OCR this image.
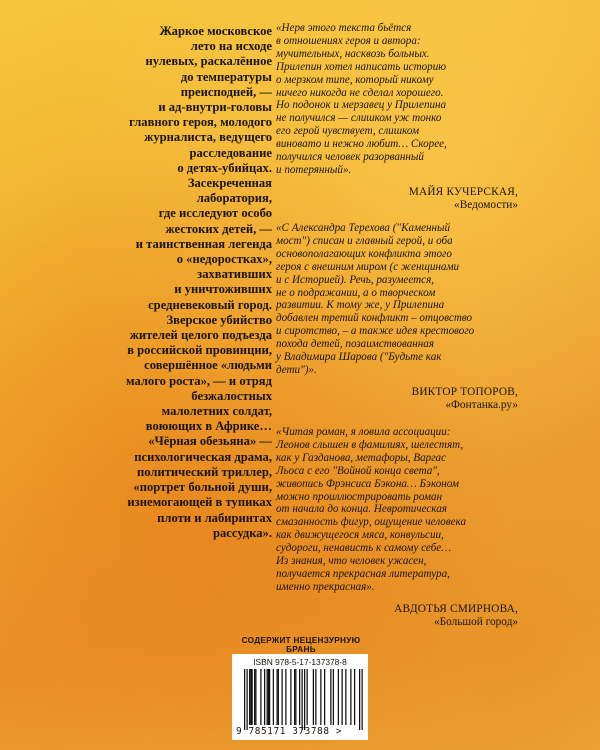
Жаркое московское

лето на исходе

нулевых, раскалённое

до температуры

преисподней, —

и ад-внутри-головы

главного героя, молодого

журналиста, ведущего

расследование

о детях-убийцах.

Засекреченная лаборатория,

где исследуют особо

жестоких детей, —

и таинственная легенда

о «недоростках»,

захвативших

и уничтоживших

средневековый город.

Зверское убийство

жителей целого подъезда

в российской провинции,

совершённое «людьми

малого роста», — и отряд

безжалостных

малолетних солдат,

воюющих в Африке…

«Чёрная обезьяна» —

психологическая драма,

политический триллер,

«портрет больной души,

изнемогающей в тупиках

плоти и лабиринтах

рассудка».

«Нерв этого текста бьётся
в отношениях героя и автора:
мучительных, насквозь больных.
Прилепин хотел написать историю
о мерзком типе, который никому
ничего никогда не сделал хорошего.
Но подонок и мерзавец у Прилепина
не получился — слишком уж тонко
его герой чувствует, слишком
виновато и нежно любит… Скорее,
получился человек разорванный
и потерянный».

МАЙЯ КУЧЕРСКАЯ,
«Ведомости»

«С Александра Терехова ("Каменный
мост") списан и главный герой, и оба
основополагающих конфликта этого
героя с внешним миром (с женщинами
и с Историей). Речь, разумеется,
не о подражании, а о творческом
развитии. К тому же, у Прилепина
добавлен третий конфликт – отцовство
и сиротство, – а также идея крестового
похода детей, позаимствованная
у Владимира Шарова ("Будьте как
дети")».

ВИКТОР ТОПОРОВ,
«Фонтанка.ру»

«Читая роман, я ловила ассоциации:
Леонов слышен в фамилиях, шелестят,
как у Газданова, метафоры, Варгас
Льоса с его "Войной конца света",
живопись Фрэнсиса Бэкона… Бэконом
можно проиллюстрировать роман
от начала до конца. Невротическая
смазанность фигур, ощущение человека
как движущегося мяса, конвульсии,
судороги, ненависть к самому себе…
Из знания, что человек ужасен,
получается прекрасная литература,
именно прекрасная».

АВДОТЬЯ СМИРНОВА,
«Большой город»
СОДЕРЖИТ НЕЦЕНЗУРНУЮ БРАНЬ
ISBN 978-5-17-137378-8
9 785171 373788 >
